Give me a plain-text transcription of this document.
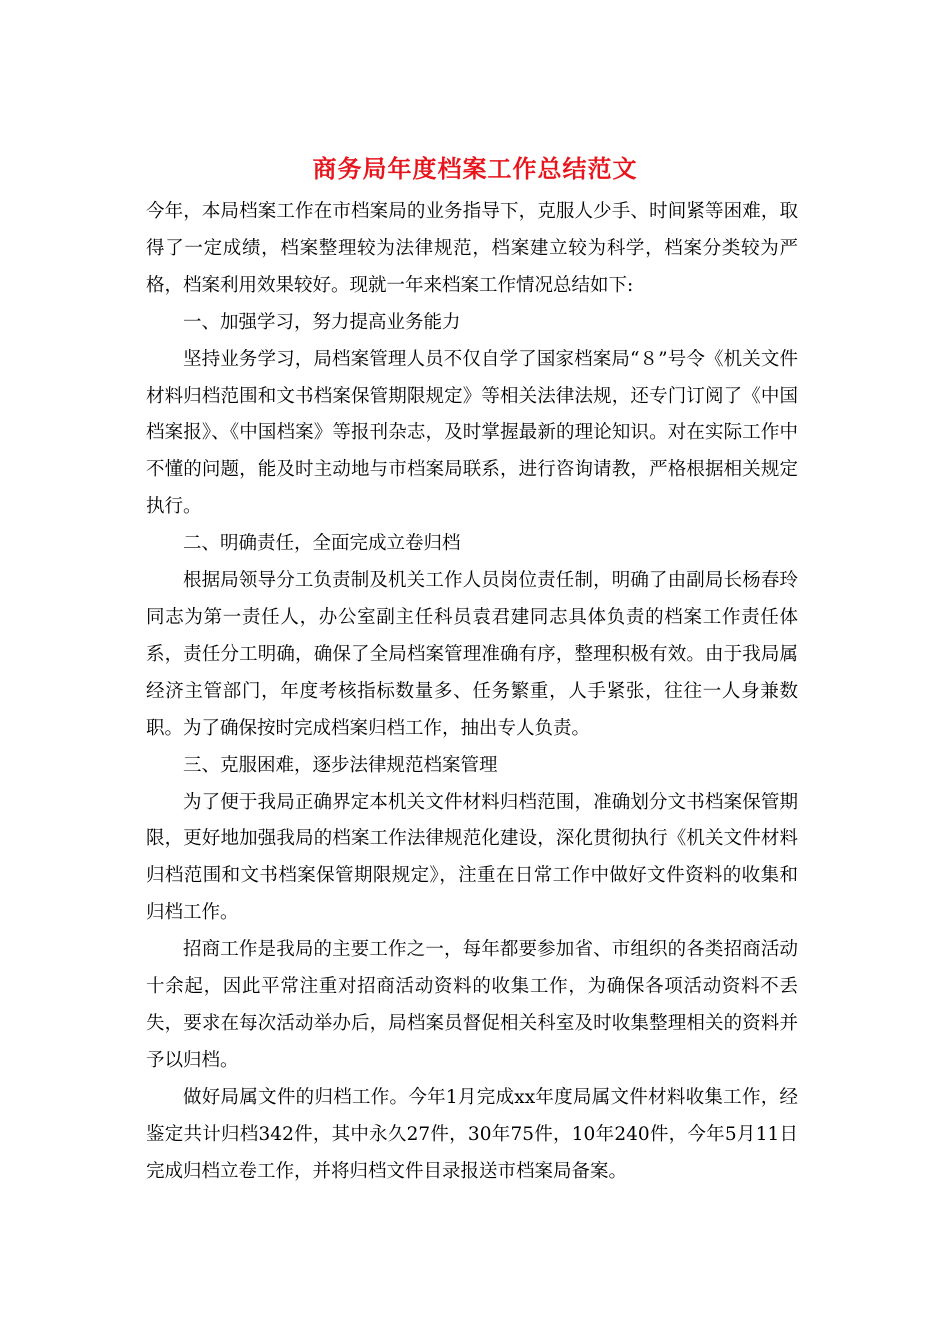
商务局年度档案工作总结范文

今年，本局档案工作在市档案局的业务指导下，克服人少手、时间紧等困难，取得了一定成绩，档案整理较为法律规范，档案建立较为科学，档案分类较为严格，档案利用效果较好。现就一年来档案工作情况总结如下:

一、加强学习，努力提高业务能力

坚持业务学习，局档案管理人员不仅自学了国家档案局“８”号令《机关文件材料归档范围和文书档案保管期限规定》等相关法律法规，还专门订阅了《中国档案报》、《中国档案》等报刊杂志，及时掌握最新的理论知识。对在实际工作中不懂的问题，能及时主动地与市档案局联系，进行咨询请教，严格根据相关规定执行。

二、明确责任，全面完成立卷归档

根据局领导分工负责制及机关工作人员岗位责任制，明确了由副局长杨春玲同志为第一责任人，办公室副主任科员袁君建同志具体负责的档案工作责任体系，责任分工明确，确保了全局档案管理准确有序，整理积极有效。由于我局属经济主管部门，年度考核指标数量多、任务繁重，人手紧张，往往一人身兼数职。为了确保按时完成档案归档工作，抽出专人负责。

三、克服困难，逐步法律规范档案管理

为了便于我局正确界定本机关文件材料归档范围，准确划分文书档案保管期限，更好地加强我局的档案工作法律规范化建设，深化贯彻执行《机关文件材料归档范围和文书档案保管期限规定》，注重在日常工作中做好文件资料的收集和归档工作。

招商工作是我局的主要工作之一，每年都要参加省、市组织的各类招商活动十余起，因此平常注重对招商活动资料的收集工作，为确保各项活动资料不丢失，要求在每次活动举办后，局档案员督促相关科室及时收集整理相关的资料并予以归档。

做好局属文件的归档工作。今年1月完成xx年度局属文件材料收集工作，经鉴定共计归档342件，其中永久27件，30年75件，10年240件，今年5月11日完成归档立卷工作，并将归档文件目录报送市档案局备案。
